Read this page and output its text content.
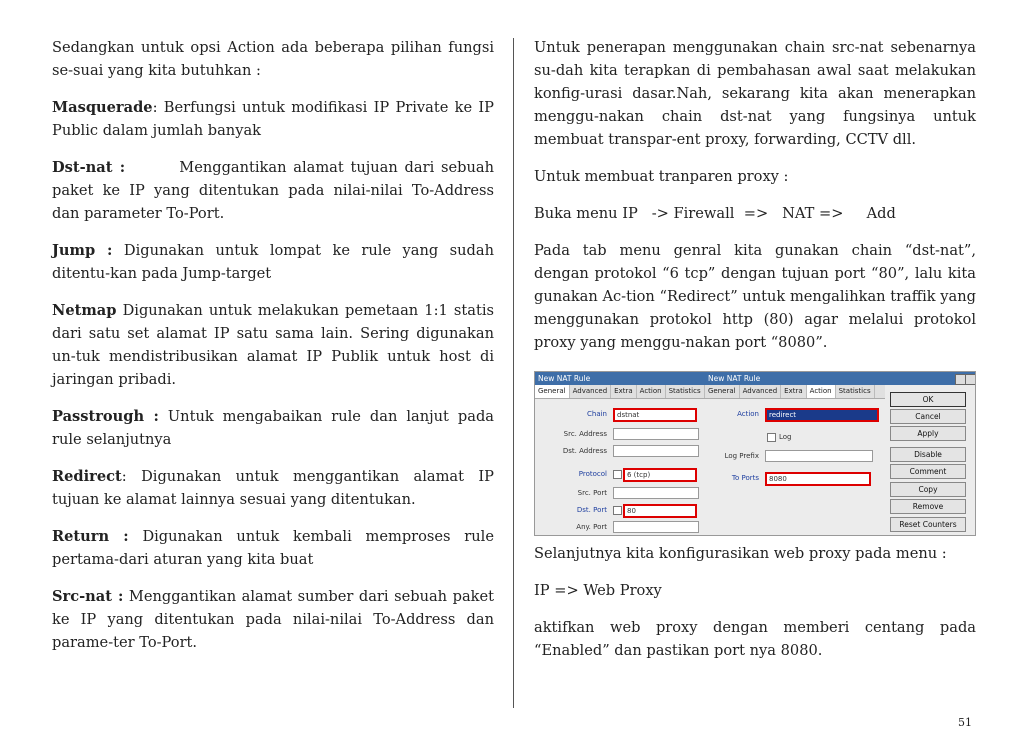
Sedangkan untuk opsi Action ada beberapa pilihan fungsi se-suai yang kita butuhkan :

Masquerade: Berfungsi untuk modifikasi IP Private ke IP Public dalam jumlah banyak

Dst-nat :        Menggantikan alamat tujuan dari sebuah paket ke IP yang ditentukan pada nilai-nilai To-Address dan parameter To-Port.

Jump : Digunakan untuk lompat ke rule yang sudah ditentu-kan pada Jump-target

Netmap Digunakan untuk melakukan pemetaan 1:1 statis dari satu set alamat IP satu sama lain. Sering digunakan un-tuk mendistribusikan alamat IP Publik untuk host di jaringan pribadi.

Passtrough : Untuk mengabaikan rule dan lanjut pada rule selanjutnya

Redirect: Digunakan untuk menggantikan alamat IP tujuan ke alamat lainnya sesuai yang ditentukan.

Return : Digunakan untuk kembali memproses rule pertama-dari aturan yang kita buat

Src-nat : Menggantikan alamat sumber dari sebuah paket ke IP yang ditentukan pada nilai-nilai To-Address dan parame-ter To-Port.

Untuk penerapan menggunakan chain src-nat sebenarnya su-dah kita terapkan di pembahasan awal saat melakukan konfig-urasi dasar.Nah, sekarang kita akan menerapkan menggu-nakan chain dst-nat yang fungsinya untuk membuat transpar-ent proxy, forwarding, CCTV dll.

Untuk membuat tranparen proxy :

Buka menu IP   -> Firewall  =>   NAT =>     Add

Pada tab menu genral kita gunakan chain “dst-nat”, dengan protokol “6 tcp” dengan tujuan port “80”, lalu kita gunakan Ac-tion “Redirect” untuk mengalihkan traffik yang menggunakan protokol http (80) agar melalui protokol proxy yang menggu-nakan port “8080”.

New NAT Rule
General	Advanced	Extra	Action	Statistics
Chain	dstnat
Src. Address
Dst. Address
Protocol	6 (tcp)
Src. Port
Dst. Port	80
Any. Port
New NAT Rule
General	Advanced	Extra	Action	Statistics
Action	redirect
Log
Log Prefix
To Ports	8080
OK
Cancel
Apply
Disable
Comment
Copy
Remove
Reset Counters

Selanjutnya kita konfigurasikan web proxy pada menu :

IP => Web Proxy

aktifkan web proxy dengan memberi centang pada “Enabled” dan pastikan port nya 8080.

51
